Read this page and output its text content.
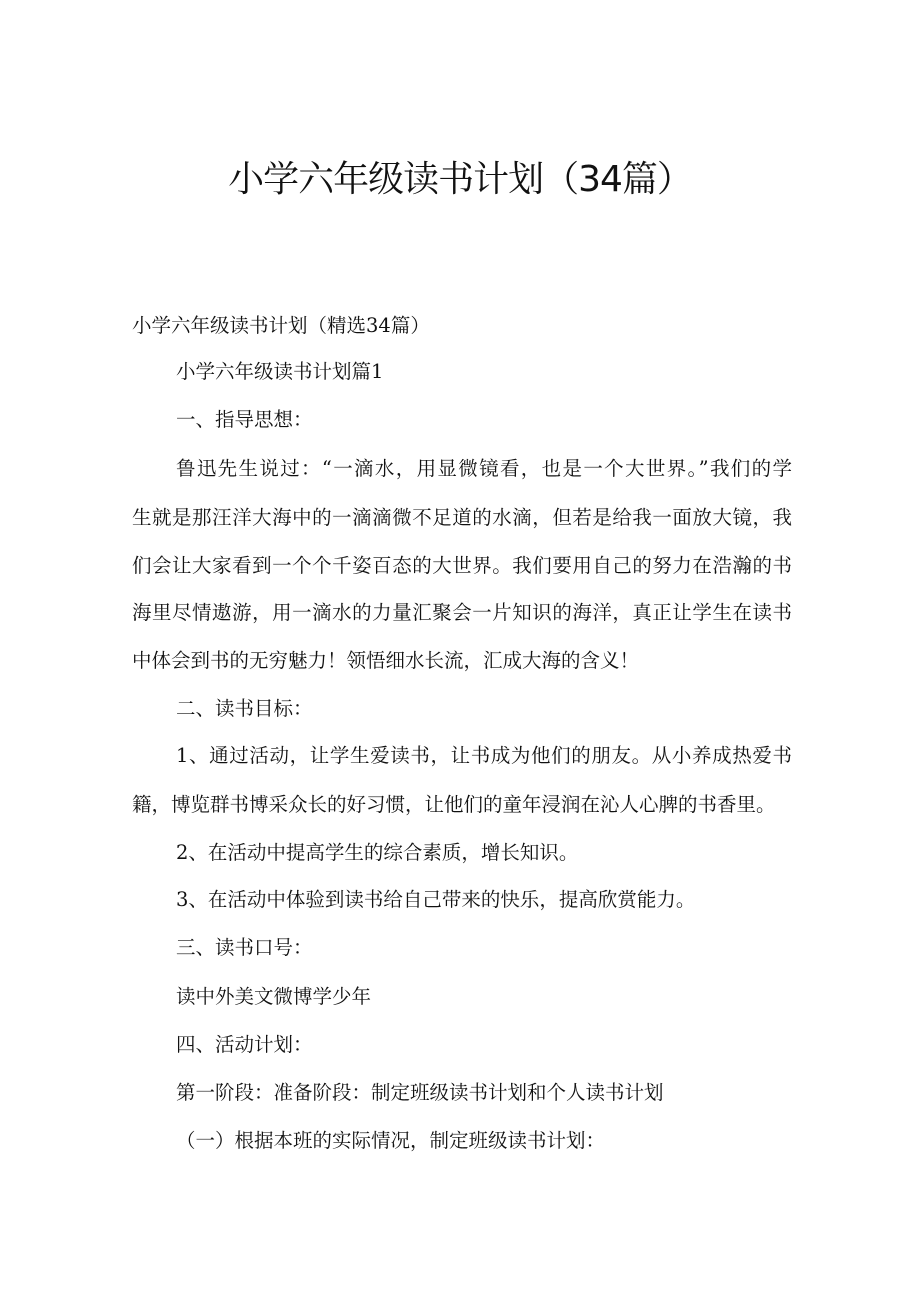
小学六年级读书计划（34篇）

小学六年级读书计划（精选34篇）

小学六年级读书计划篇1

一、指导思想：

鲁迅先生说过：“一滴水，用显微镜看，也是一个大世界。”我们的学

生就是那汪洋大海中的一滴滴微不足道的水滴，但若是给我一面放大镜，我

们会让大家看到一个个千姿百态的大世界。我们要用自己的努力在浩瀚的书

海里尽情遨游，用一滴水的力量汇聚会一片知识的海洋，真正让学生在读书

中体会到书的无穷魅力！领悟细水长流，汇成大海的含义！

二、读书目标：

1、通过活动，让学生爱读书，让书成为他们的朋友。从小养成热爱书

籍，博览群书博采众长的好习惯，让他们的童年浸润在沁人心脾的书香里。

2、在活动中提高学生的综合素质，增长知识。

3、在活动中体验到读书给自己带来的快乐，提高欣赏能力。

三、读书口号：

读中外美文微博学少年

四、活动计划：

第一阶段：准备阶段：制定班级读书计划和个人读书计划

（一）根据本班的实际情况，制定班级读书计划：
